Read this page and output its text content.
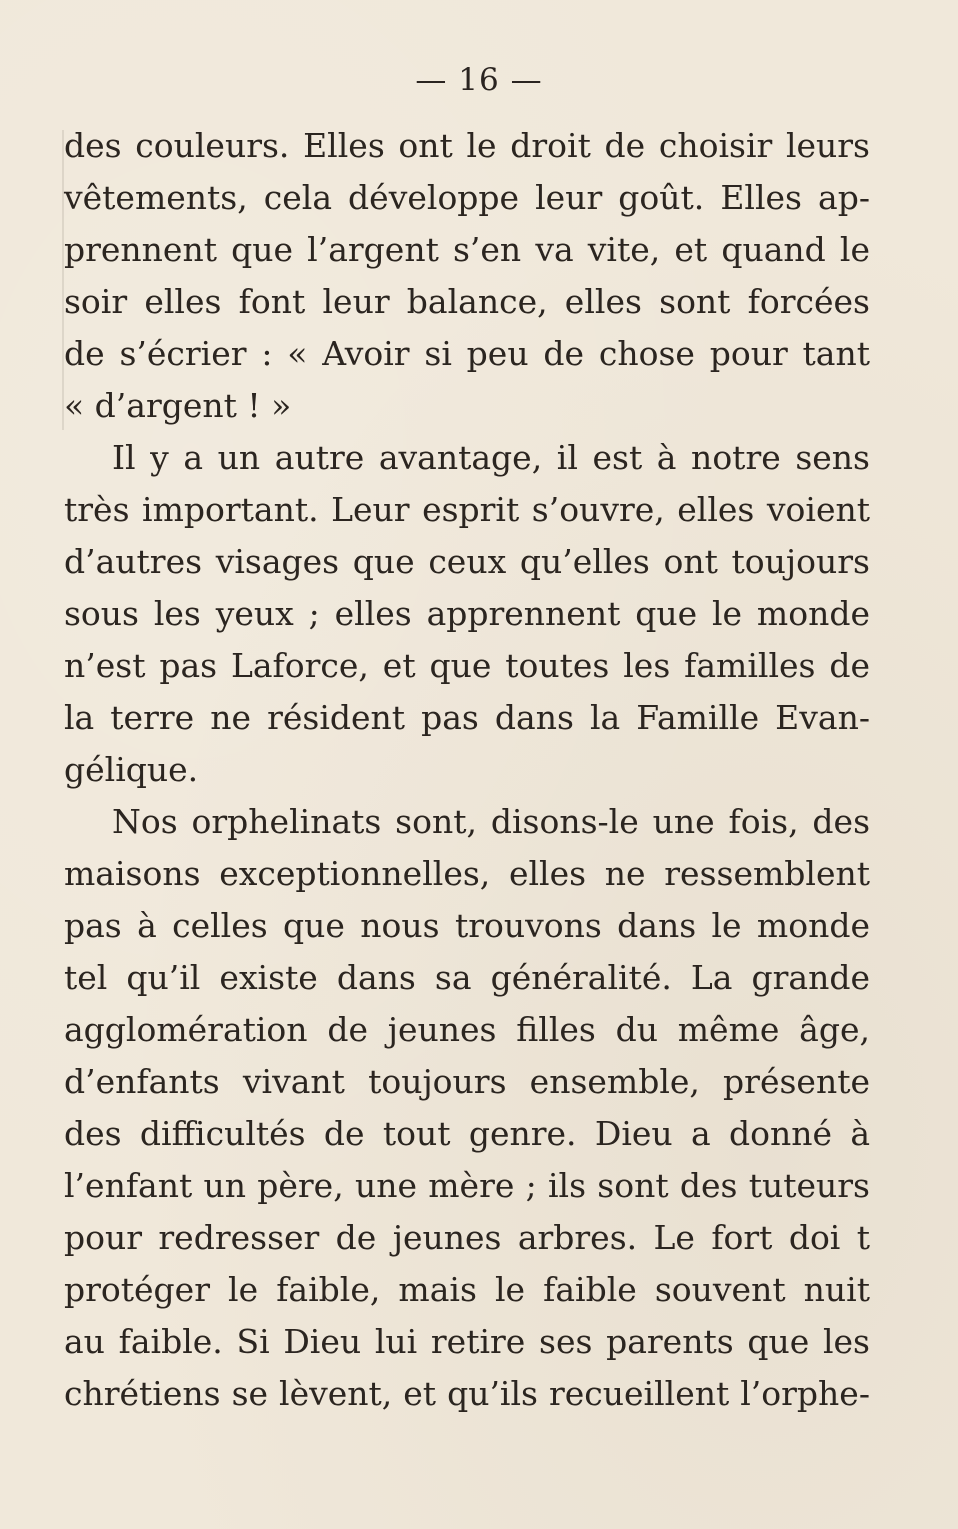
— 16 —
des couleurs. Elles ont le droit de choisir leurs
vêtements, cela développe leur goût. Elles ap-
prennent que l’argent s’en va vite, et quand le
soir elles font leur balance, elles sont forcées
de s’écrier : « Avoir si peu de chose pour tant
« d’argent ! »
Il y a un autre avantage, il est à notre sens
très important. Leur esprit s’ouvre, elles voient
d’autres visages que ceux qu’elles ont toujours
sous les yeux ; elles apprennent que le monde
n’est pas Laforce, et que toutes les familles de
la terre ne résident pas dans la Famille Evan-
gélique.
Nos orphelinats sont, disons-le une fois, des
maisons exceptionnelles, elles ne ressemblent
pas à celles que nous trouvons dans le monde
tel qu’il existe dans sa généralité. La grande
agglomération de jeunes filles du même âge,
d’enfants vivant toujours ensemble, présente
des difficultés de tout genre. Dieu a donné à
l’enfant un père, une mère ; ils sont des tuteurs
pour redresser de jeunes arbres. Le fort doi t
protéger le faible, mais le faible souvent nuit
au faible. Si Dieu lui retire ses parents que les
chrétiens se lèvent, et qu’ils recueillent l’orphe-
